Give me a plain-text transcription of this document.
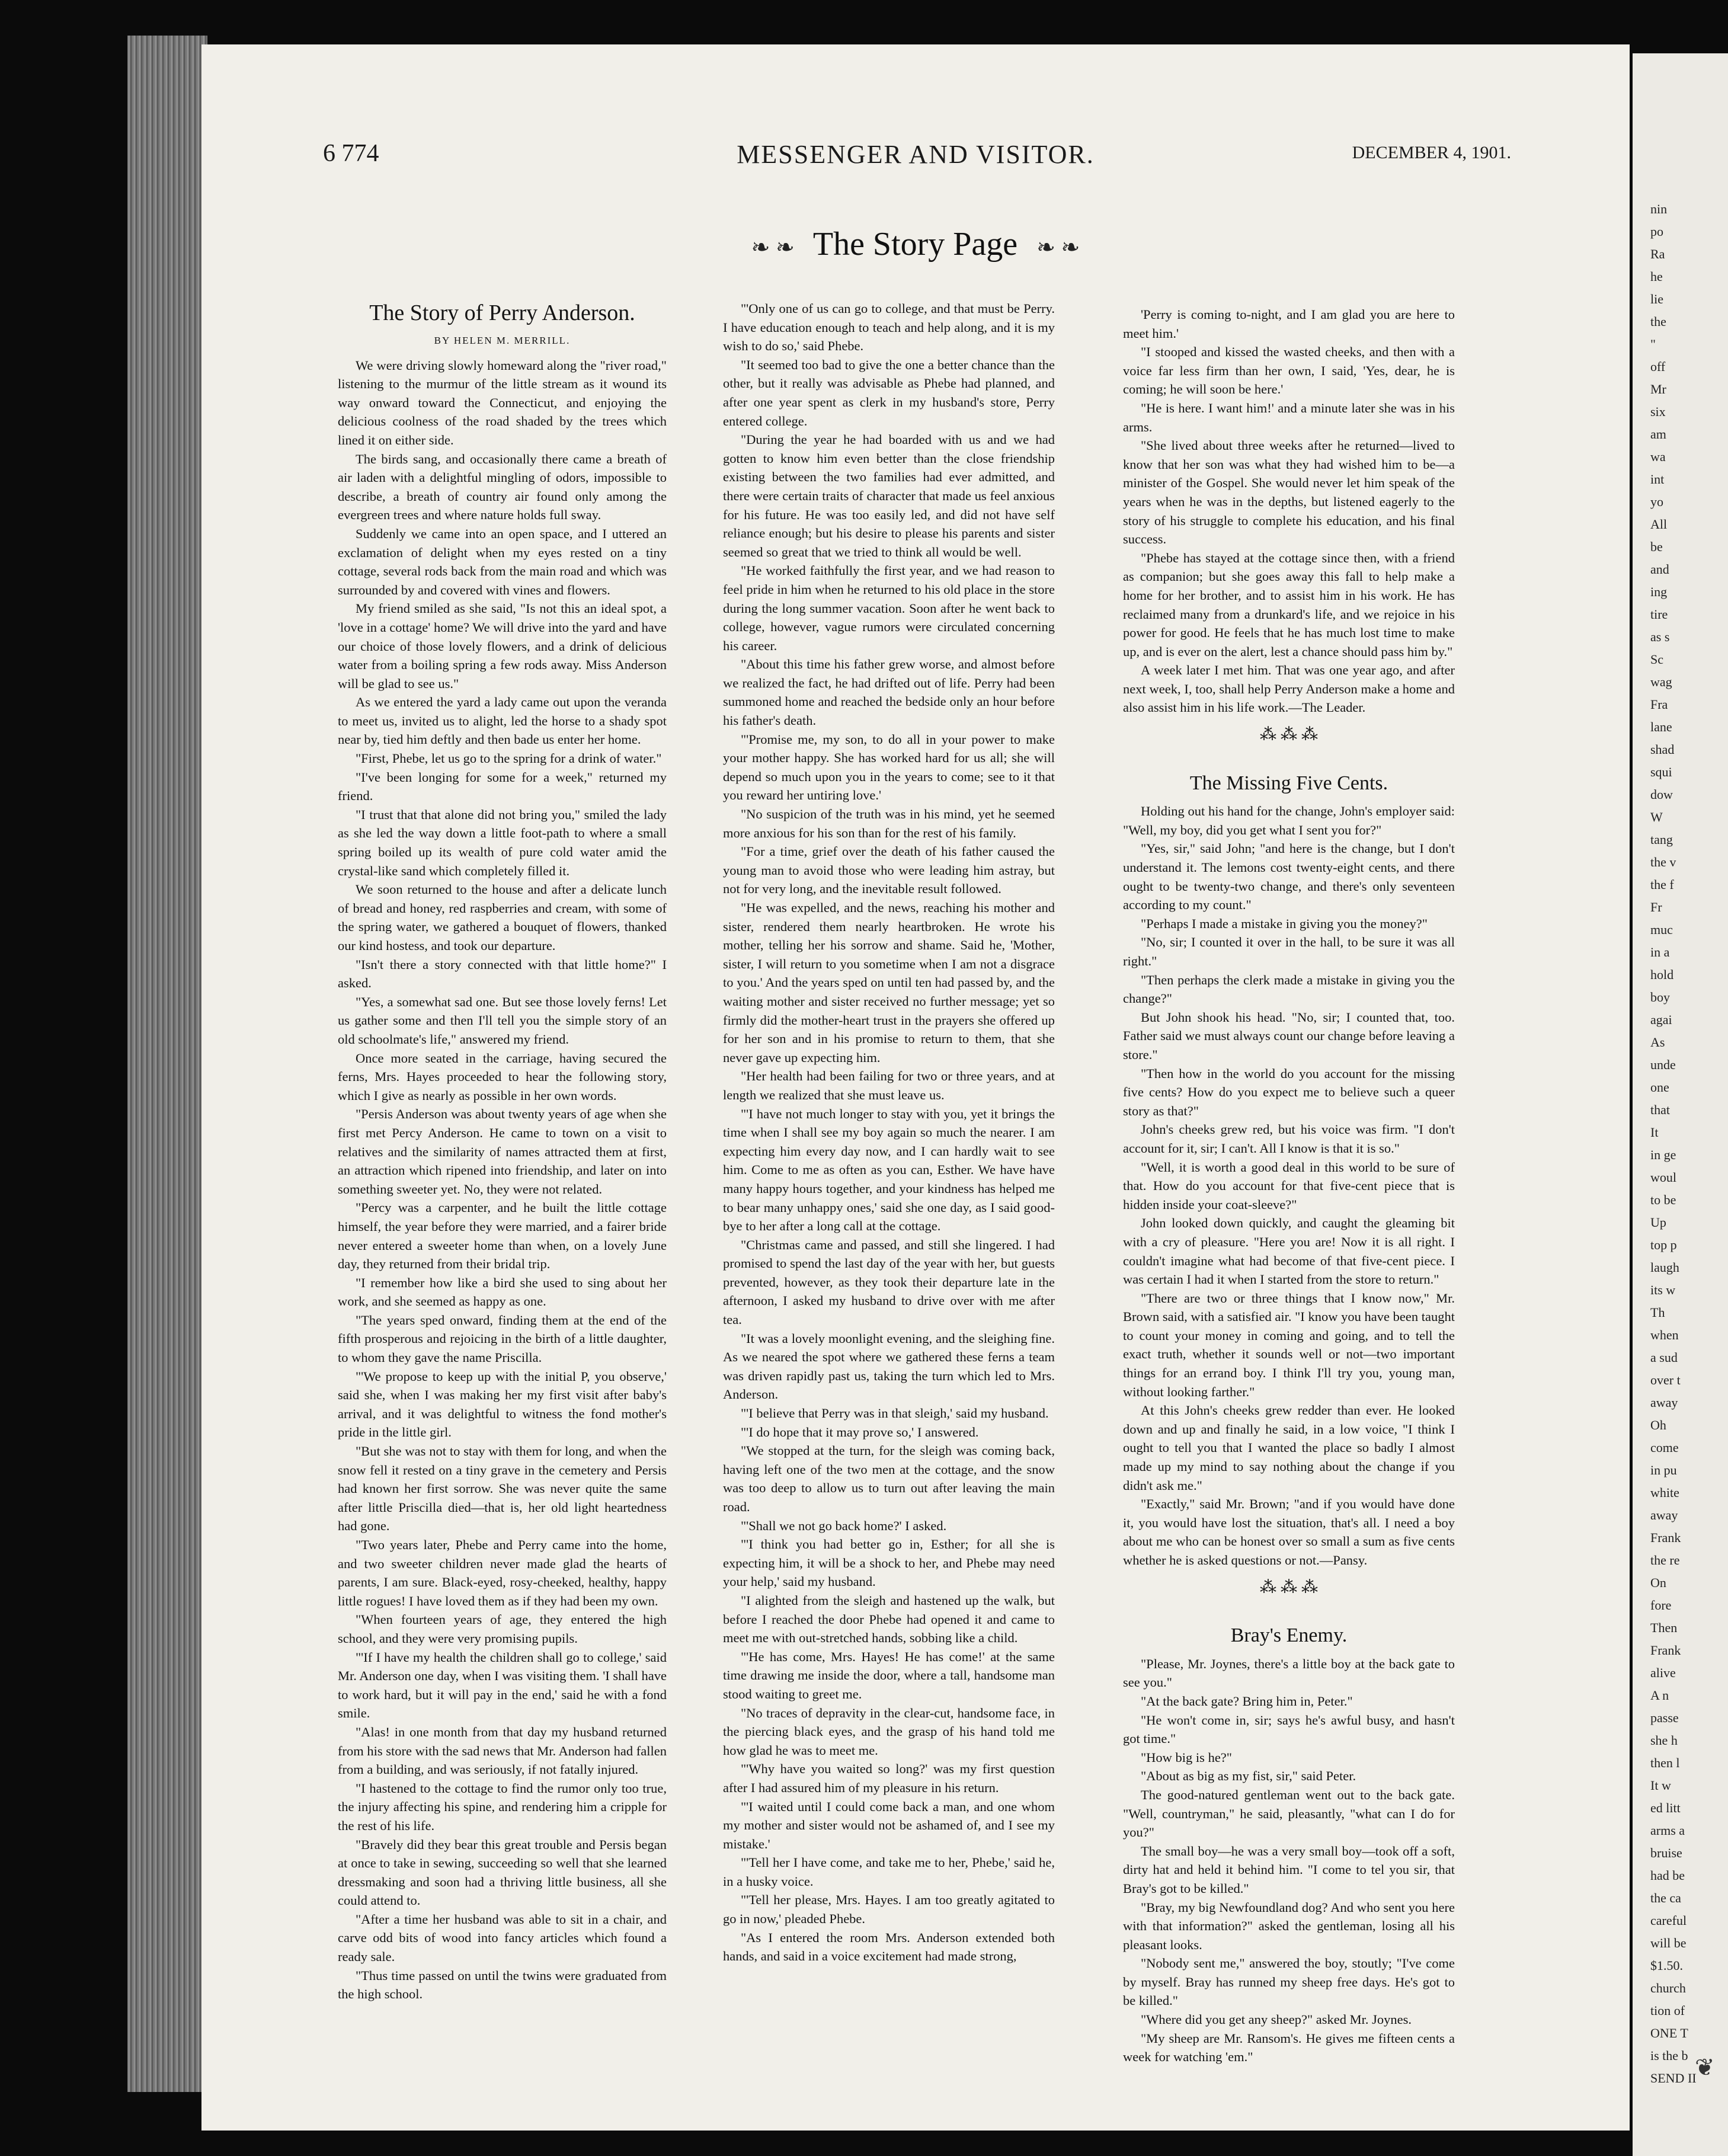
6 774	MESSENGER AND VISITOR.	DECEMBER 4, 1901.
❧ ❧ The Story Page ❧ ❧
The Story of Perry Anderson.
BY HELEN M. MERRILL.

We were driving slowly homeward along the "river road," listening to the murmur of the little stream as it wound its way onward toward the Connecticut, and enjoying the delicious coolness of the road shaded by the trees which lined it on either side.

The birds sang, and occasionally there came a breath of air laden with a delightful mingling of odors, impossible to describe, a breath of country air found only among the evergreen trees and where nature holds full sway.

Suddenly we came into an open space, and I uttered an exclamation of delight when my eyes rested on a tiny cottage, several rods back from the main road and which was surrounded by and covered with vines and flowers.

My friend smiled as she said, "Is not this an ideal spot, a 'love in a cottage' home? We will drive into the yard and have our choice of those lovely flowers, and a drink of delicious water from a boiling spring a few rods away. Miss Anderson will be glad to see us."

As we entered the yard a lady came out upon the veranda to meet us, invited us to alight, led the horse to a shady spot near by, tied him deftly and then bade us enter her home.

"First, Phebe, let us go to the spring for a drink of water."

"I've been longing for some for a week," returned my friend.

"I trust that that alone did not bring you," smiled the lady as she led the way down a little foot-path to where a small spring boiled up its wealth of pure cold water amid the crystal-like sand which completely filled it.

We soon returned to the house and after a delicate lunch of bread and honey, red raspberries and cream, with some of the spring water, we gathered a bouquet of flowers, thanked our kind hostess, and took our departure.

"Isn't there a story connected with that little home?" I asked.

"Yes, a somewhat sad one. But see those lovely ferns! Let us gather some and then I'll tell you the simple story of an old schoolmate's life," answered my friend.

Once more seated in the carriage, having secured the ferns, Mrs. Hayes proceeded to hear the following story, which I give as nearly as possible in her own words.

"Persis Anderson was about twenty years of age when she first met Percy Anderson. He came to town on a visit to relatives and the similarity of names attracted them at first, an attraction which ripened into friendship, and later on into something sweeter yet. No, they were not related.

"Percy was a carpenter, and he built the little cottage himself, the year before they were married, and a fairer bride never entered a sweeter home than when, on a lovely June day, they returned from their bridal trip.

"I remember how like a bird she used to sing about her work, and she seemed as happy as one.

"The years sped onward, finding them at the end of the fifth prosperous and rejoicing in the birth of a little daughter, to whom they gave the name Priscilla.

"'We propose to keep up with the initial P, you observe,' said she, when I was making her my first visit after baby's arrival, and it was delightful to witness the fond mother's pride in the little girl.

"But she was not to stay with them for long, and when the snow fell it rested on a tiny grave in the cemetery and Persis had known her first sorrow. She was never quite the same after little Priscilla died—that is, her old light heartedness had gone.

"Two years later, Phebe and Perry came into the home, and two sweeter children never made glad the hearts of parents, I am sure. Black-eyed, rosy-cheeked, healthy, happy little rogues! I have loved them as if they had been my own.

"When fourteen years of age, they entered the high school, and they were very promising pupils.

"'If I have my health the children shall go to college,' said Mr. Anderson one day, when I was visiting them. 'I shall have to work hard, but it will pay in the end,' said he with a fond smile.

"Alas! in one month from that day my husband returned from his store with the sad news that Mr. Anderson had fallen from a building, and was seriously, if not fatally injured.

"I hastened to the cottage to find the rumor only too true, the injury affecting his spine, and rendering him a cripple for the rest of his life.

"Bravely did they bear this great trouble and Persis began at once to take in sewing, succeeding so well that she learned dressmaking and soon had a thriving little business, all she could attend to.

"After a time her husband was able to sit in a chair, and carve odd bits of wood into fancy articles which found a ready sale.

"Thus time passed on until the twins were graduated from the high school.

"'Only one of us can go to college, and that must be Perry. I have education enough to teach and help along, and it is my wish to do so,' said Phebe.

"It seemed too bad to give the one a better chance than the other, but it really was advisable as Phebe had planned, and after one year spent as clerk in my husband's store, Perry entered college.

"During the year he had boarded with us and we had gotten to know him even better than the close friendship existing between the two families had ever admitted, and there were certain traits of character that made us feel anxious for his future. He was too easily led, and did not have self reliance enough; but his desire to please his parents and sister seemed so great that we tried to think all would be well.

"He worked faithfully the first year, and we had reason to feel pride in him when he returned to his old place in the store during the long summer vacation. Soon after he went back to college, however, vague rumors were circulated concerning his career.

"About this time his father grew worse, and almost before we realized the fact, he had drifted out of life. Perry had been summoned home and reached the bedside only an hour before his father's death.

"'Promise me, my son, to do all in your power to make your mother happy. She has worked hard for us all; she will depend so much upon you in the years to come; see to it that you reward her untiring love.'

"No suspicion of the truth was in his mind, yet he seemed more anxious for his son than for the rest of his family.

"For a time, grief over the death of his father caused the young man to avoid those who were leading him astray, but not for very long, and the inevitable result followed.

"He was expelled, and the news, reaching his mother and sister, rendered them nearly heartbroken. He wrote his mother, telling her his sorrow and shame. Said he, 'Mother, sister, I will return to you sometime when I am not a disgrace to you.' And the years sped on until ten had passed by, and the waiting mother and sister received no further message; yet so firmly did the mother-heart trust in the prayers she offered up for her son and in his promise to return to them, that she never gave up expecting him.

"Her health had been failing for two or three years, and at length we realized that she must leave us.

"'I have not much longer to stay with you, yet it brings the time when I shall see my boy again so much the nearer. I am expecting him every day now, and I can hardly wait to see him. Come to me as often as you can, Esther. We have have many happy hours together, and your kindness has helped me to bear many unhappy ones,' said she one day, as I said good-bye to her after a long call at the cottage.

"Christmas came and passed, and still she lingered. I had promised to spend the last day of the year with her, but guests prevented, however, as they took their departure late in the afternoon, I asked my husband to drive over with me after tea.

"It was a lovely moonlight evening, and the sleighing fine. As we neared the spot where we gathered these ferns a team was driven rapidly past us, taking the turn which led to Mrs. Anderson.

"'I believe that Perry was in that sleigh,' said my husband.

"'I do hope that it may prove so,' I answered.

"We stopped at the turn, for the sleigh was coming back, having left one of the two men at the cottage, and the snow was too deep to allow us to turn out after leaving the main road.

"'Shall we not go back home?' I asked.

"'I think you had better go in, Esther; for all she is expecting him, it will be a shock to her, and Phebe may need your help,' said my husband.

"I alighted from the sleigh and hastened up the walk, but before I reached the door Phebe had opened it and came to meet me with out-stretched hands, sobbing like a child.

"'He has come, Mrs. Hayes! He has come!' at the same time drawing me inside the door, where a tall, handsome man stood waiting to greet me.

"No traces of depravity in the clear-cut, handsome face, in the piercing black eyes, and the grasp of his hand told me how glad he was to meet me.

"'Why have you waited so long?' was my first question after I had assured him of my pleasure in his return.

"'I waited until I could come back a man, and one whom my mother and sister would not be ashamed of, and I see my mistake.'

"'Tell her I have come, and take me to her, Phebe,' said he, in a husky voice.

"'Tell her please, Mrs. Hayes. I am too greatly agitated to go in now,' pleaded Phebe.

"As I entered the room Mrs. Anderson extended both hands, and said in a voice excitement had made strong,

'Perry is coming to-night, and I am glad you are here to meet him.'

"I stooped and kissed the wasted cheeks, and then with a voice far less firm than her own, I said, 'Yes, dear, he is coming; he will soon be here.'

"He is here. I want him!' and a minute later she was in his arms.

"She lived about three weeks after he returned—lived to know that her son was what they had wished him to be—a minister of the Gospel. She would never let him speak of the years when he was in the depths, but listened eagerly to the story of his struggle to complete his education, and his final success.

"Phebe has stayed at the cottage since then, with a friend as companion; but she goes away this fall to help make a home for her brother, and to assist him in his work. He has reclaimed many from a drunkard's life, and we rejoice in his power for good. He feels that he has much lost time to make up, and is ever on the alert, lest a chance should pass him by."

A week later I met him. That was one year ago, and after next week, I, too, shall help Perry Anderson make a home and also assist him in his life work.—The Leader.

⁂ ⁂ ⁂
The Missing Five Cents.

Holding out his hand for the change, John's employer said: "Well, my boy, did you get what I sent you for?"

"Yes, sir," said John; "and here is the change, but I don't understand it. The lemons cost twenty-eight cents, and there ought to be twenty-two change, and there's only seventeen according to my count."

"Perhaps I made a mistake in giving you the money?"

"No, sir; I counted it over in the hall, to be sure it was all right."

"Then perhaps the clerk made a mistake in giving you the change?"

But John shook his head. "No, sir; I counted that, too. Father said we must always count our change before leaving a store."

"Then how in the world do you account for the missing five cents? How do you expect me to believe such a queer story as that?"

John's cheeks grew red, but his voice was firm. "I don't account for it, sir; I can't. All I know is that it is so."

"Well, it is worth a good deal in this world to be sure of that. How do you account for that five-cent piece that is hidden inside your coat-sleeve?"

John looked down quickly, and caught the gleaming bit with a cry of pleasure. "Here you are! Now it is all right. I couldn't imagine what had become of that five-cent piece. I was certain I had it when I started from the store to return."

"There are two or three things that I know now," Mr. Brown said, with a satisfied air. "I know you have been taught to count your money in coming and going, and to tell the exact truth, whether it sounds well or not—two important things for an errand boy. I think I'll try you, young man, without looking farther."

At this John's cheeks grew redder than ever. He looked down and up and finally he said, in a low voice, "I think I ought to tell you that I wanted the place so badly I almost made up my mind to say nothing about the change if you didn't ask me."

"Exactly," said Mr. Brown; "and if you would have done it, you would have lost the situation, that's all. I need a boy about me who can be honest over so small a sum as five cents whether he is asked questions or not.—Pansy.

⁂ ⁂ ⁂
Bray's Enemy.

"Please, Mr. Joynes, there's a little boy at the back gate to see you."

"At the back gate? Bring him in, Peter."

"He won't come in, sir; says he's awful busy, and hasn't got time."

"How big is he?"

"About as big as my fist, sir," said Peter.

The good-natured gentleman went out to the back gate. "Well, countryman," he said, pleasantly, "what can I do for you?"

The small boy—he was a very small boy—took off a soft, dirty hat and held it behind him. "I come to tel you sir, that Bray's got to be killed."

"Bray, my big Newfoundland dog? And who sent you here with that information?" asked the gentleman, losing all his pleasant looks.

"Nobody sent me," answered the boy, stoutly; "I've come by myself. Bray has runned my sheep free days. He's got to be killed."

"Where did you get any sheep?" asked Mr. Joynes.

"My sheep are Mr. Ransom's. He gives me fifteen cents a week for watching 'em."

nin
po
Ra
he
lie
the
"
off
Mr
six
am
wa
int
yo
All
be
and
ing
tire
as s
Sc
wag
Fra
lane
shad
squi
dow
W
tang
the v
the f
Fr
muc
in a
hold
boy
agai
As
unde
one
that
It
in ge
woul
to be
Up
top p
laugh
its w
Th
when
a sud
over t
away
Oh
come
in pu
white
away
Frank
the re
On
fore
Then
Frank
alive
A n
passe
she h
then l
It w
ed litt
arms a
bruise
had be
the ca
careful
will be
$1.50.
church
tion of
ONE T
is the b
SEND II
❦
